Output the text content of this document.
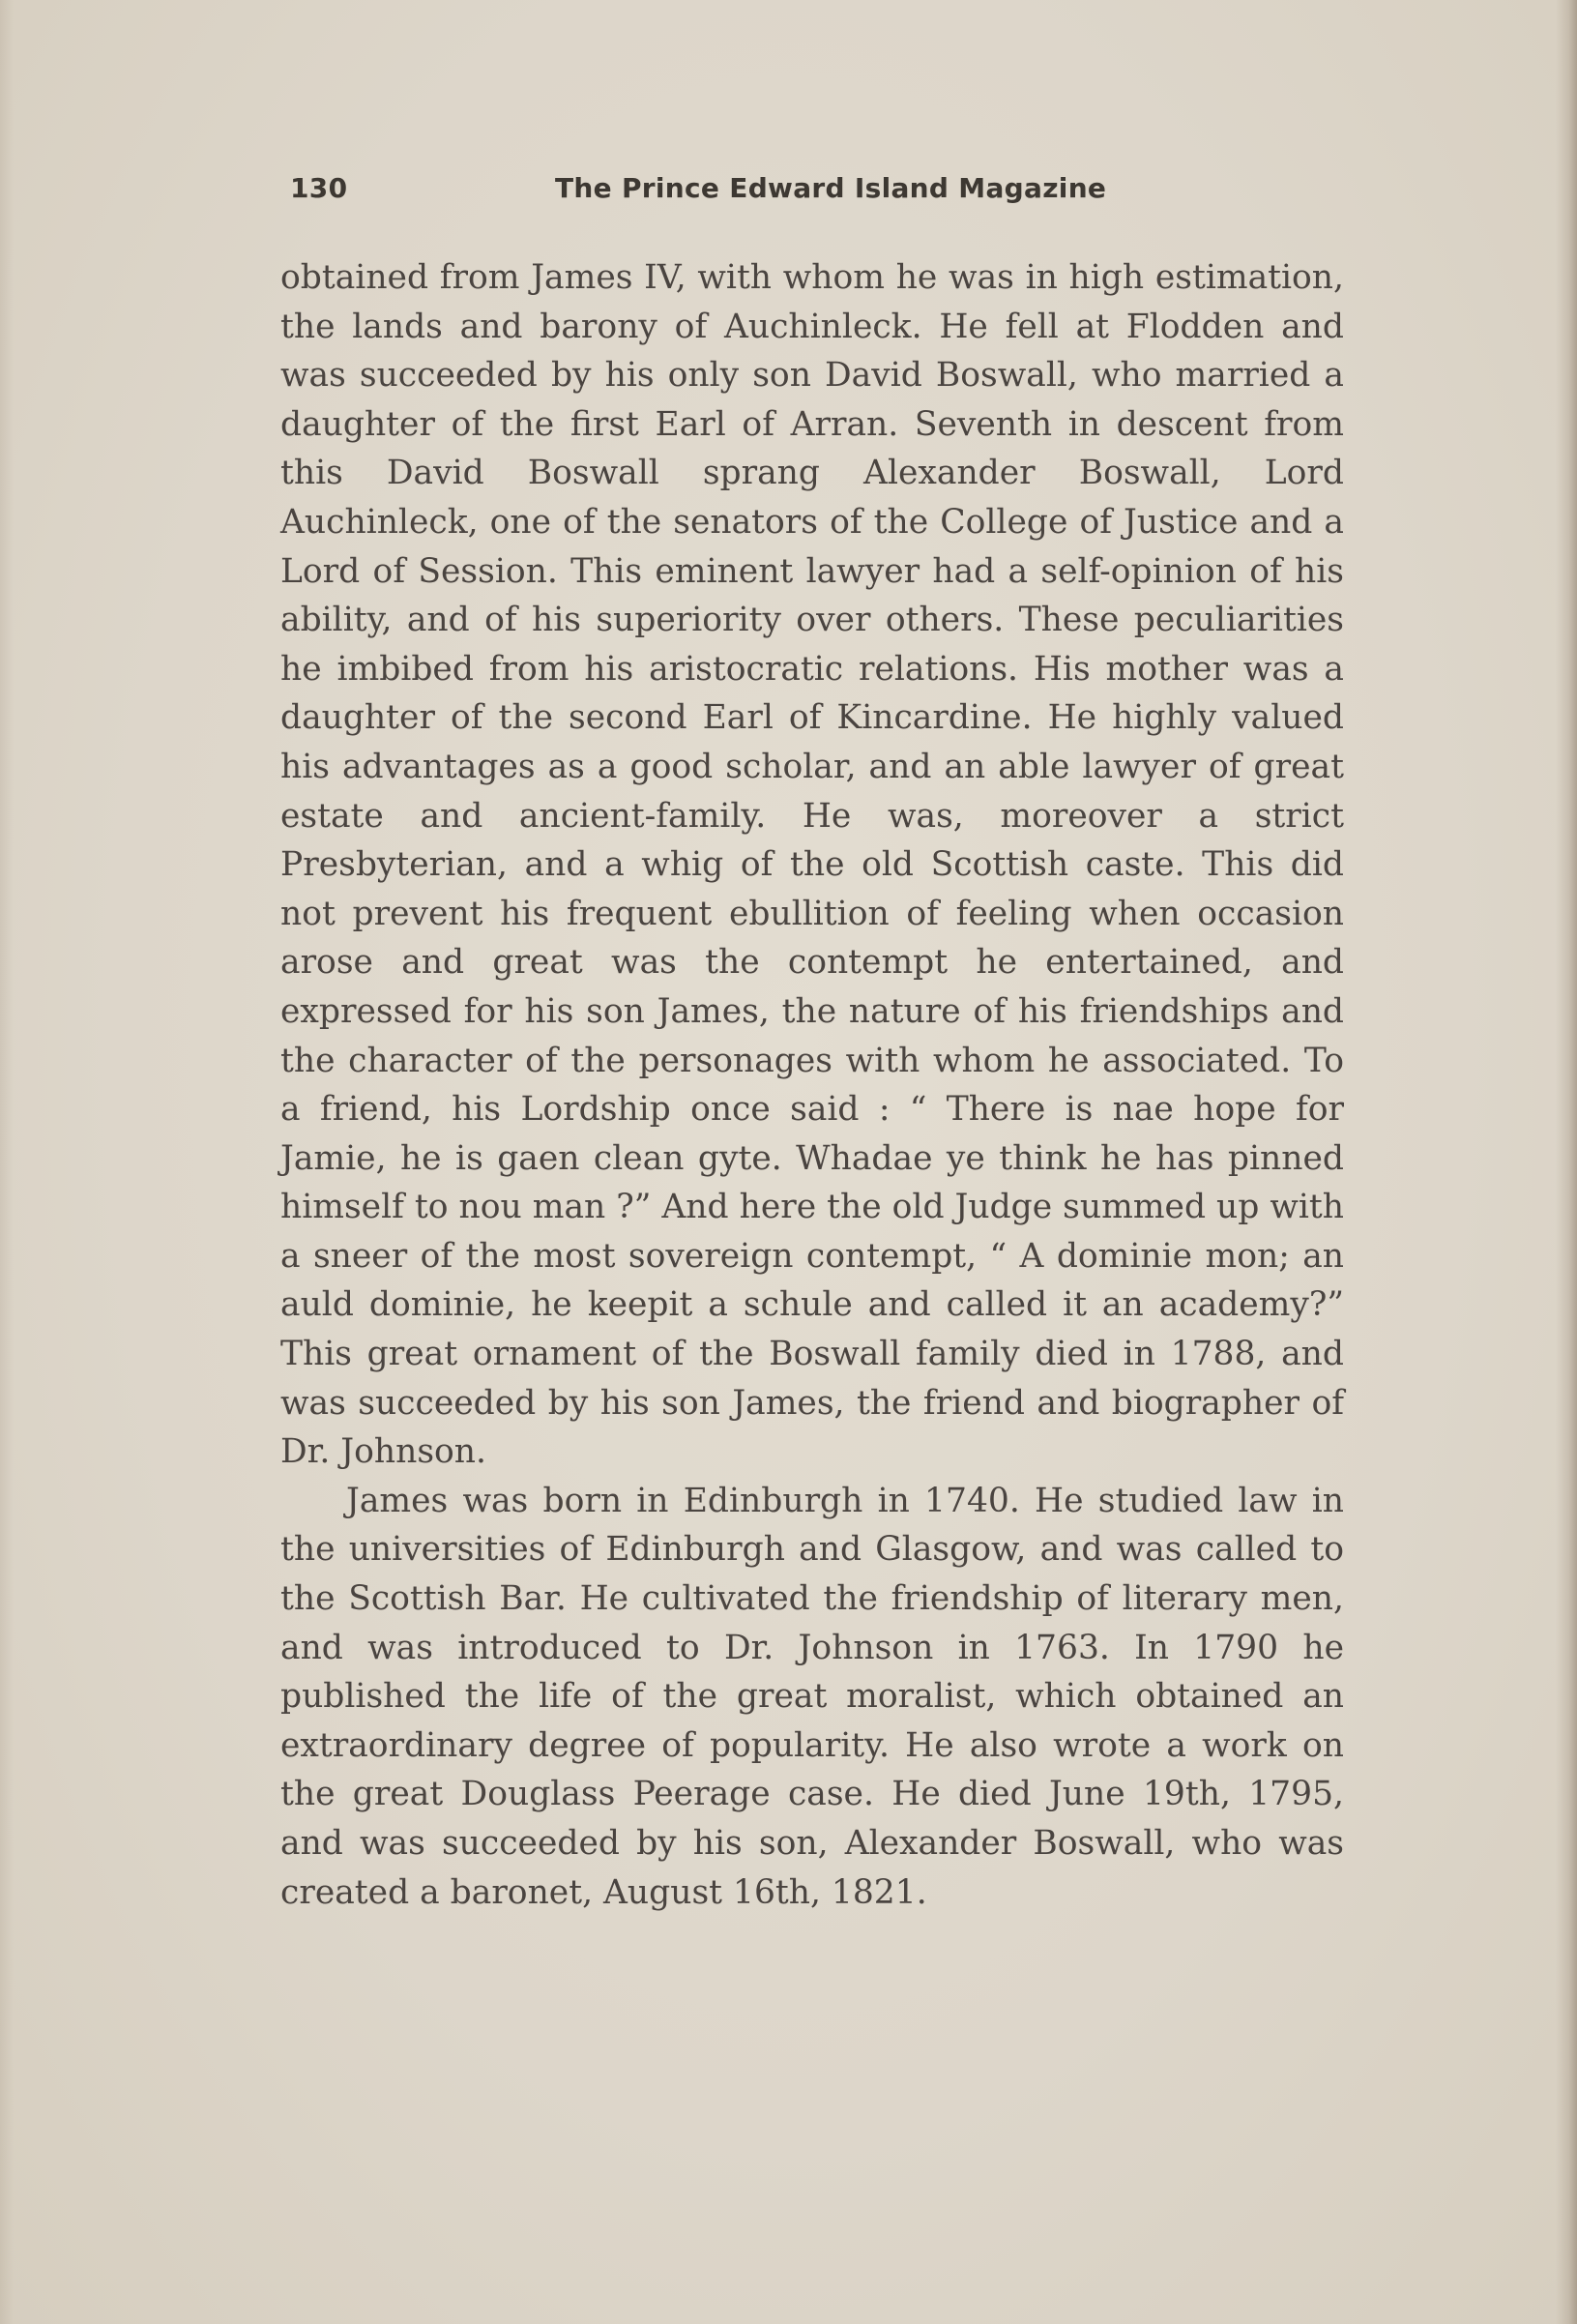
130	The Prince Edward Island Magazine

obtained from James IV, with whom he was in high estimation, the lands and barony of Auchinleck. He fell at Flodden and was succeeded by his only son David Boswall, who married a daughter of the first Earl of Arran. Seventh in descent from this David Boswall sprang Alexander Boswall, Lord Auchinleck, one of the senators of the College of Justice and a Lord of Session. This eminent lawyer had a self-opinion of his ability, and of his superiority over others. These peculiarities he imbibed from his aristocratic relations. His mother was a daughter of the second Earl of Kincardine. He highly valued his advantages as a good scholar, and an able lawyer of great estate and ancient-family. He was, moreover a strict Presbyterian, and a whig of the old Scottish caste. This did not prevent his frequent ebullition of feeling when occasion arose and great was the contempt he entertained, and expressed for his son James, the nature of his friendships and the character of the personages with whom he associated. To a friend, his Lordship once said : “ There is nae hope for Jamie, he is gaen clean gyte. Whadae ye think he has pinned himself to nou man ?” And here the old Judge summed up with a sneer of the most sovereign contempt, “ A dominie mon; an auld dominie, he keepit a schule and called it an academy?” This great ornament of the Boswall family died in 1788, and was succeeded by his son James, the friend and biographer of Dr. Johnson.

James was born in Edinburgh in 1740. He studied law in the universities of Edinburgh and Glasgow, and was called to the Scottish Bar. He cultivated the friendship of literary men, and was introduced to Dr. Johnson in 1763. In 1790 he published the life of the great moralist, which obtained an extraordinary degree of popularity. He also wrote a work on the great Douglass Peerage case. He died June 19th, 1795, and was succeeded by his son, Alexander Boswall, who was created a baronet, August 16th, 1821.
